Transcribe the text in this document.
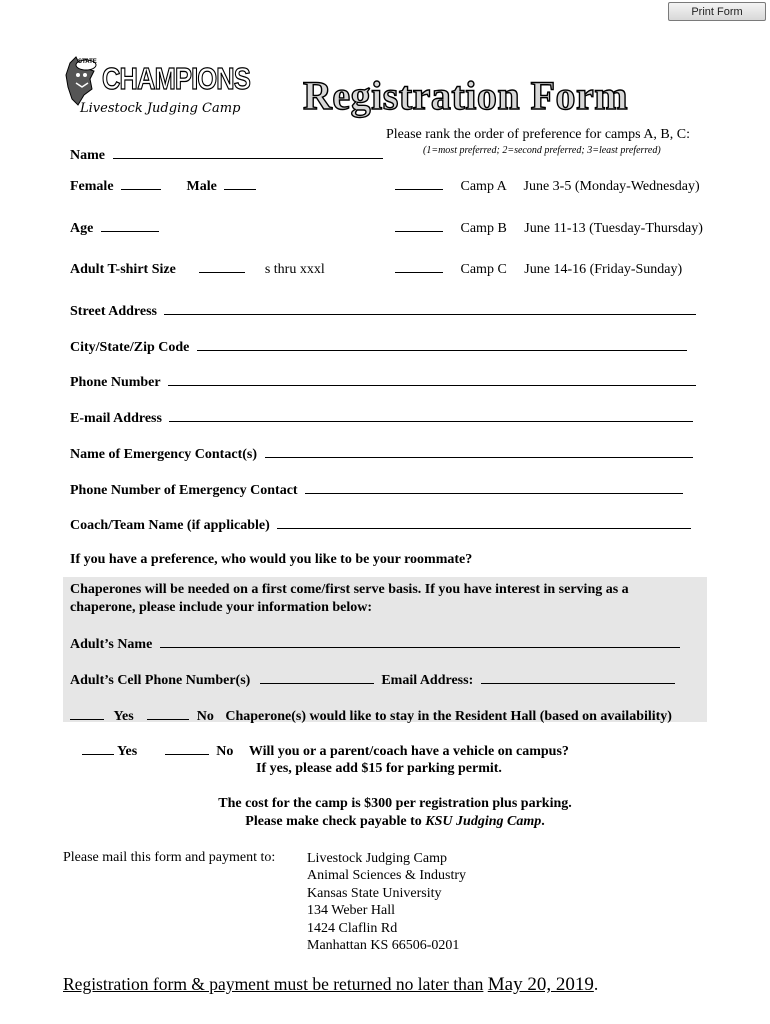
Print Form
STATE CHAMPIONS
Livestock Judging Camp Registration Form
Please rank the order of preference for camps A, B, C:
(1=most preferred; 2=second preferred; 3=least preferred)
Name
Female	Male
Age
Adult T-shirt Size	s thru xxxl
Camp A June 3-5 (Monday-Wednesday)
Camp B June 11-13 (Tuesday-Thursday)
Camp C June 14-16 (Friday-Sunday)
Street Address
City/State/Zip Code
Phone Number
E-mail Address
Name of Emergency Contact(s)
Phone Number of Emergency Contact
Coach/Team Name (if applicable)
If you have a preference, who would you like to be your roommate?
Chaperones will be needed on a first come/first serve basis. If you have interest in serving as a
chaperone, please include your information below:
Adult’s Name
Adult’s Cell Phone Number(s)	Email Address:
Yes	No Chaperone(s) would like to stay in the Resident Hall (based on availability)
Yes	No Will you or a parent/coach have a vehicle on campus?
If yes, please add $15 for parking permit.
The cost for the camp is $300 per registration plus parking.
Please make check payable to KSU Judging Camp.
Please mail this form and payment to: Livestock Judging Camp
Animal Sciences & Industry
Kansas State University
134 Weber Hall
1424 Claflin Rd
Manhattan KS 66506-0201
Registration form & payment must be returned no later than May 20, 2019.
